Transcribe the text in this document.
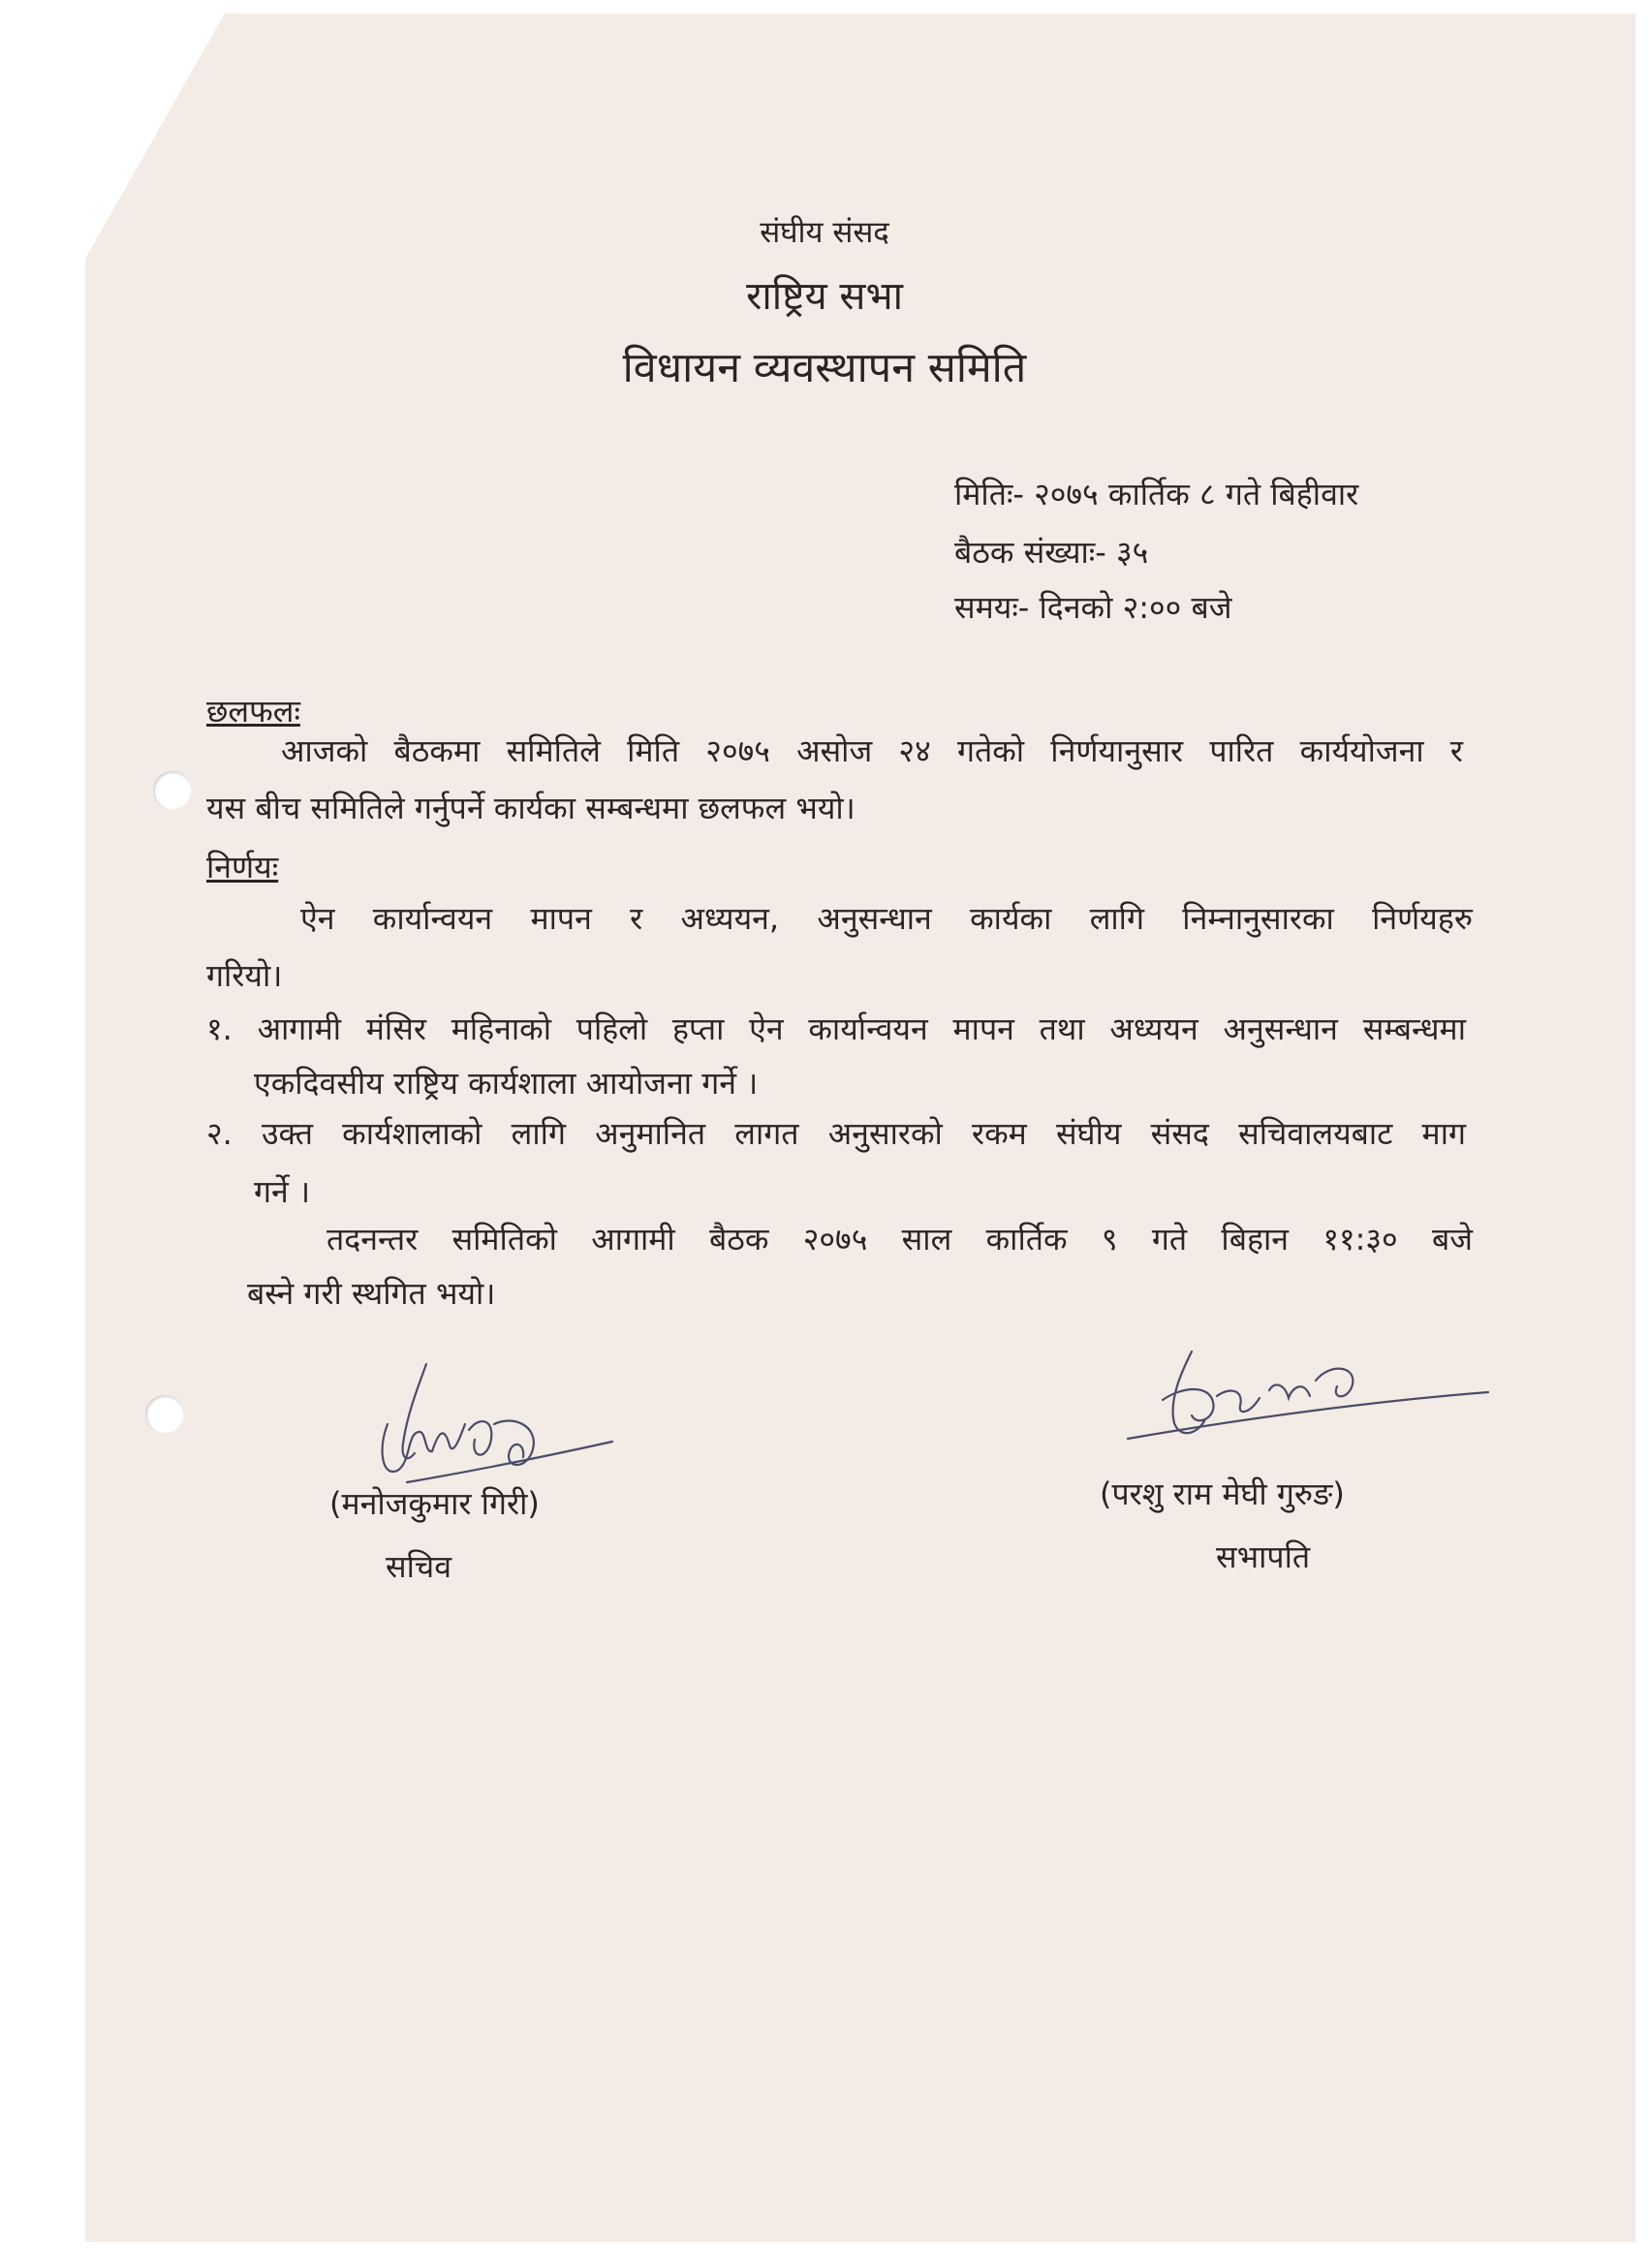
संघीय संसद
राष्ट्रिय सभा
विधायन व्यवस्थापन समिति
मितिः- २०७५ कार्तिक ८ गते बिहीवार
बैठक संख्याः- ३५
समयः- दिनको २:०० बजे
छलफलः
आजको बैठकमा समितिले मिति २०७५ असोज २४ गतेको निर्णयानुसार पारित कार्ययोजना र
यस बीच समितिले गर्नुपर्ने कार्यका सम्बन्धमा छलफल भयो।
निर्णयः
ऐन कार्यान्वयन मापन र अध्ययन, अनुसन्धान कार्यका लागि निम्नानुसारका निर्णयहरु
गरियो।
१. आगामी मंसिर महिनाको पहिलो हप्ता ऐन कार्यान्वयन मापन तथा अध्ययन अनुसन्धान सम्बन्धमा
एकदिवसीय राष्ट्रिय कार्यशाला आयोजना गर्ने ।
२. उक्त कार्यशालाको लागि अनुमानित लागत अनुसारको रकम संघीय संसद सचिवालयबाट माग
गर्ने ।
तदनन्तर समितिको आगामी बैठक २०७५ साल कार्तिक ९ गते बिहान ११:३० बजे
बस्ने गरी स्थगित भयो।
(मनोजकुमार गिरी)
सचिव
(परशु राम मेघी गुरुङ)
सभापति
